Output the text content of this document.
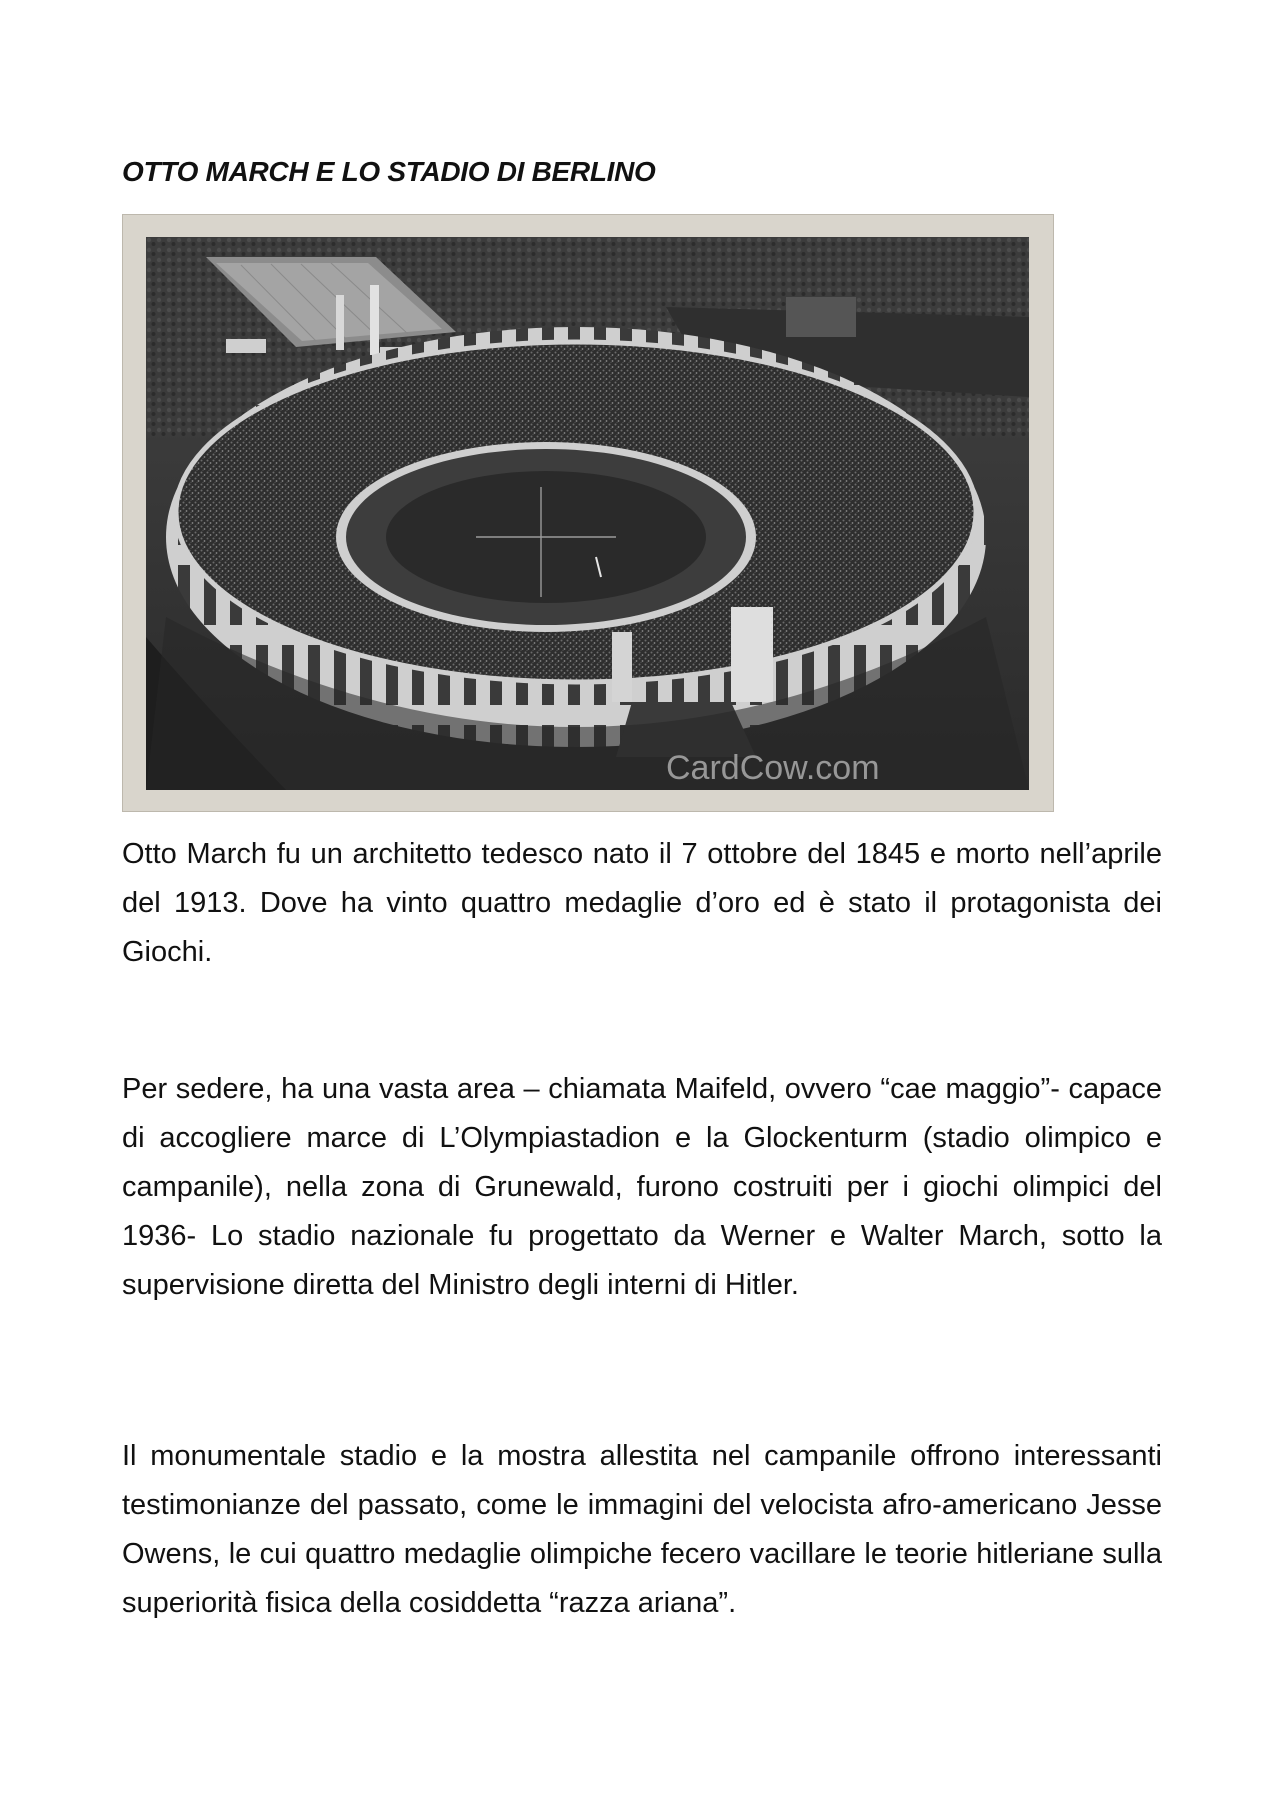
OTTO MARCH E LO STADIO DI BERLINO
CardCow.com

Otto March fu un architetto tedesco nato il 7 ottobre del 1845 e morto nell’aprile del 1913. Dove ha vinto quattro medaglie d’oro ed è stato il protagonista dei Giochi.

Per sedere, ha una vasta area – chiamata Maifeld, ovvero “cae maggio”- capace di accogliere marce di L’Olympiastadion e la Glockenturm (stadio olimpico e campanile), nella zona di Grunewald, furono costruiti per i giochi olimpici del 1936- Lo stadio nazionale fu progettato da Werner e Walter March, sotto la supervisione diretta del Ministro degli interni di Hitler.

Il monumentale stadio e la mostra allestita nel campanile offrono interessanti testimonianze del passato, come le immagini del velocista afro-americano Jesse Owens, le cui quattro medaglie olimpiche fecero vacillare le teorie hitleriane sulla superiorità fisica della cosiddetta “razza ariana”.
